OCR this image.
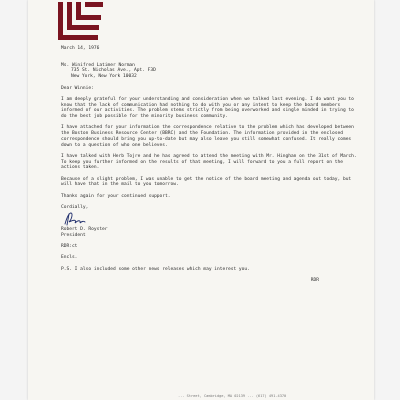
March 14, 1976
Ms. Winifred Latimer Norman
735 St. Nicholas Ave., Apt. F3D
New York, New York 10032
Dear Winnie:
I am deeply grateful for your understanding and consideration when we talked last evening. I do want you to know that the lack of communication had nothing to do with you or any intent to keep the board members informed of our activities. The problem stems strictly from being overworked and single minded in trying to do the best job possible for the minority business community.
I have attached for your information the correspondence relative to the problem which has developed between the Boston Business Resource Center (BBRC) and the Foundation. The information provided in the enclosed correspondence should bring you up-to-date but may also leave you still somewhat confused. It really comes down to a question of who one believes.
I have talked with Herb Tojre and he has agreed to attend the meeting with Mr. Hinghan on the 31st of March. To keep you further informed on the results of that meeting, I will forward to you a full report on the actions taken.
Because of a slight problem, I was unable to get the notice of the board meeting and agenda out today, but will have that in the mail to you tomorrow.
Thanks again for your continued support.
Cordially,
Robert D. Royster
President
RDR:ct
Encls.
P.S. I also included some other news releases which may interest you.
RDR
... Street, Cambridge, MA 02139 ... (617) 491-4370
